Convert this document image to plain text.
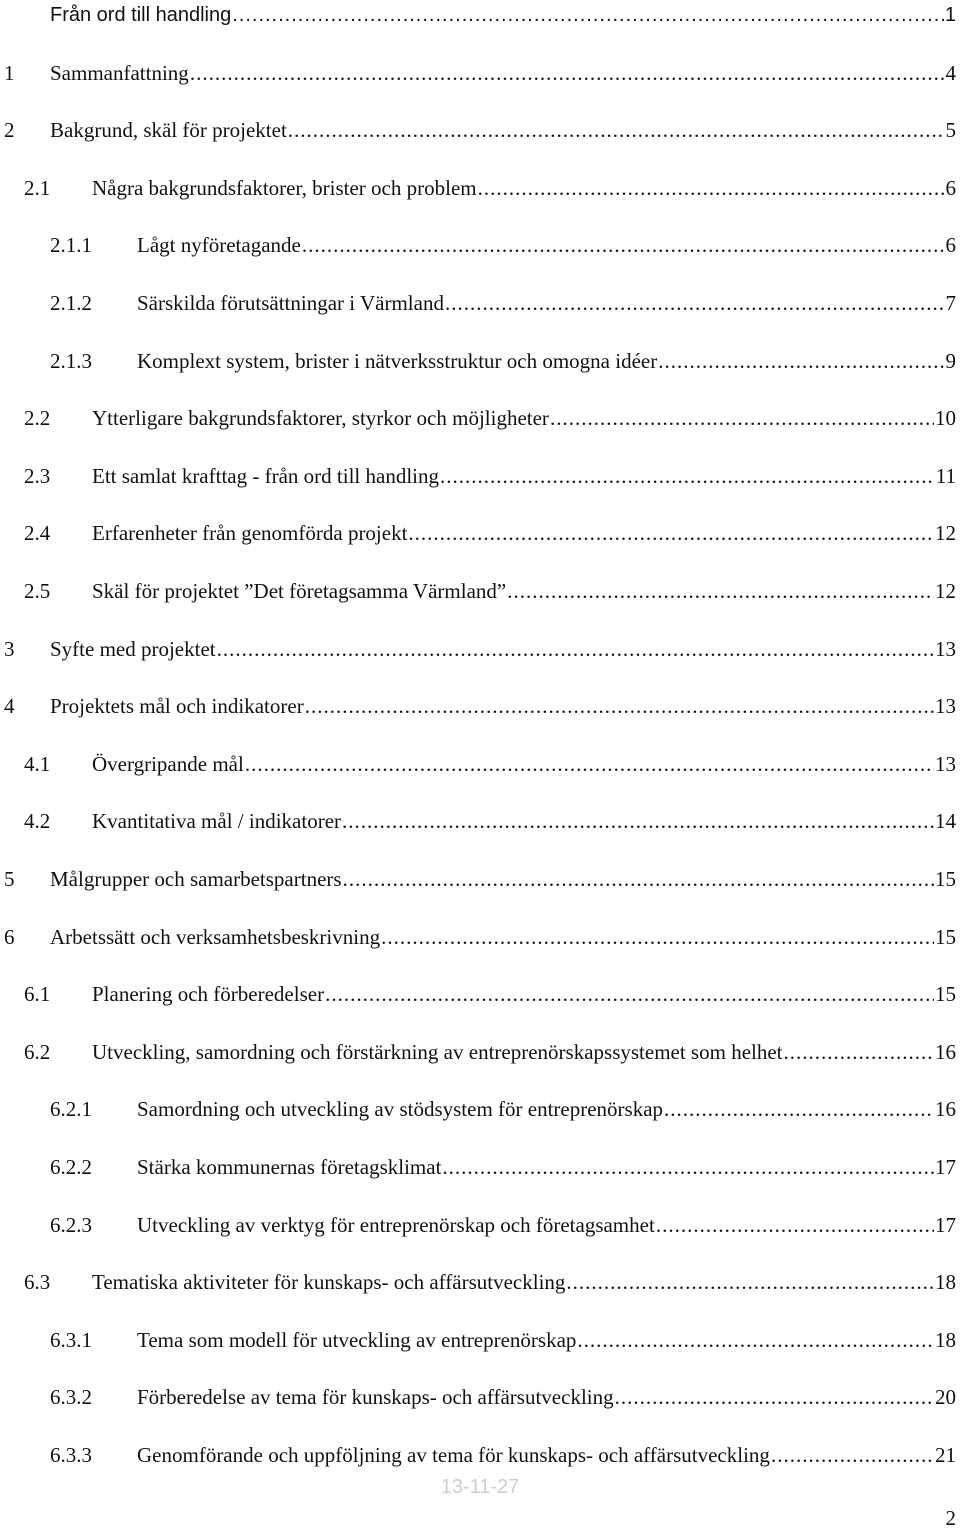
Från ord till handling .....	1
1 Sammanfattning .....	4
2 Bakgrund, skäl för projektet .....	5
2.1 Några bakgrundsfaktorer, brister och problem .....	6
2.1.1 Lågt nyföretagande .....	6
2.1.2 Särskilda förutsättningar i Värmland .....	7
2.1.3 Komplext system, brister i nätverksstruktur och omogna idéer .....	9
2.2 Ytterligare bakgrundsfaktorer, styrkor och möjligheter .....	10
2.3 Ett samlat krafttag - från ord till handling .....	11
2.4 Erfarenheter från genomförda projekt .....	12
2.5 Skäl för projektet ”Det företagsamma Värmland” .....	12
3 Syfte med projektet .....	13
4 Projektets mål och indikatorer .....	13
4.1 Övergripande mål .....	13
4.2 Kvantitativa mål / indikatorer .....	14
5 Målgrupper och samarbetspartners .....	15
6 Arbetssätt och verksamhetsbeskrivning .....	15
6.1 Planering och förberedelser .....	15
6.2 Utveckling, samordning och förstärkning av entreprenörskapssystemet som helhet .....	16
6.2.1 Samordning och utveckling av stödsystem för entreprenörskap .....	16
6.2.2 Stärka kommunernas företagsklimat .....	17
6.2.3 Utveckling av verktyg för entreprenörskap och företagsamhet .....	17
6.3 Tematiska aktiviteter för kunskaps- och affärsutveckling .....	18
6.3.1 Tema som modell för utveckling av entreprenörskap .....	18
6.3.2 Förberedelse av tema för kunskaps- och affärsutveckling .....	20
6.3.3 Genomförande och uppföljning av tema för kunskaps- och affärsutveckling .....	21
13-11-27
2
